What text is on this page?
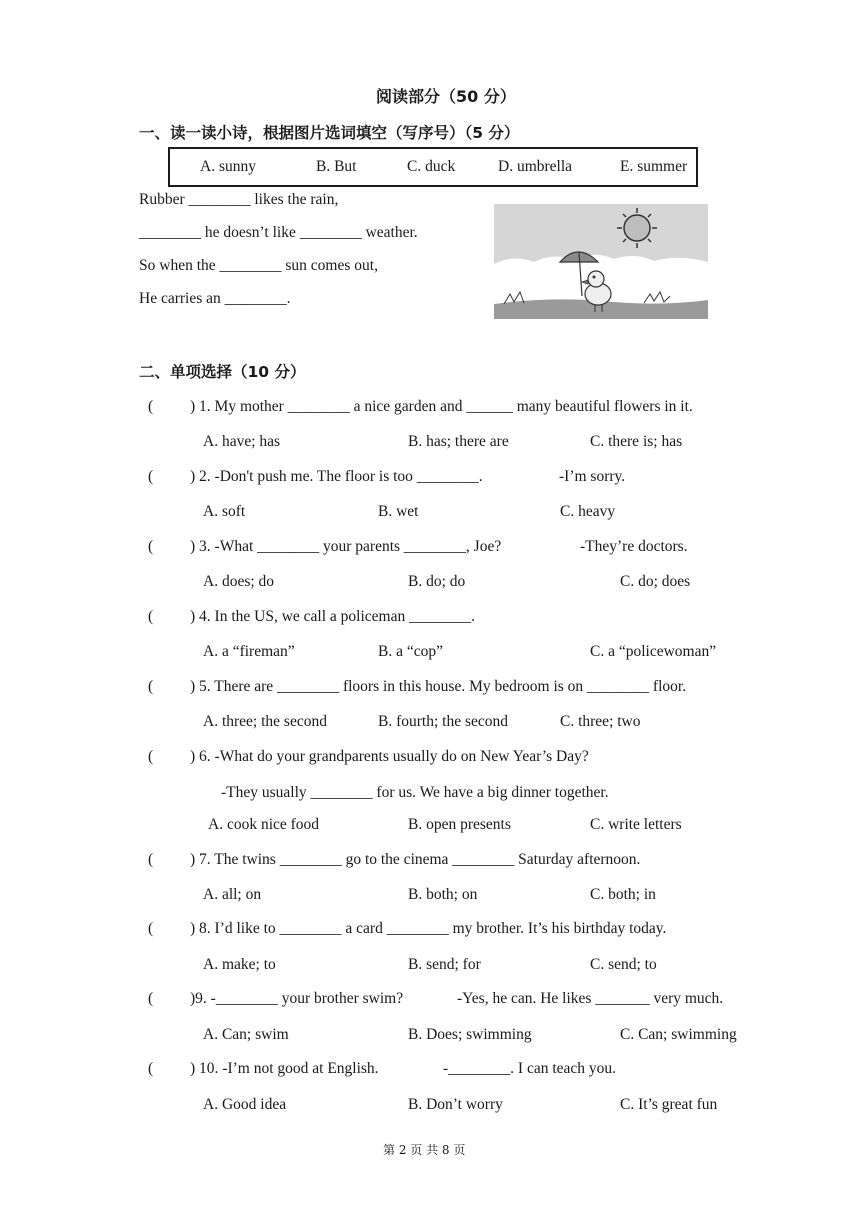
阅读部分（50 分）
一、读一读小诗，根据图片选词填空（写序号）（5 分）
A. sunny	B. But	C. duck	D. umbrella	E. summer
Rubber ________ likes the rain,
________ he doesn’t like ________ weather.
So when the ________ sun comes out,
He carries an ________.
二、单项选择（10 分）
( ) 1. My mother ________ a nice garden and ______ many beautiful flowers in it.
A. have; has	B. has; there are	C. there is; has
( ) 2. -Don't push me. The floor is too ________.	-I’m sorry.
A. soft	B. wet	C. heavy
( ) 3. -What ________ your parents ________, Joe?	-They’re doctors.
A. does; do	B. do; do	C. do; does
( ) 4. In the US, we call a policeman ________.
A. a “fireman”	B. a “cop”	C. a “policewoman”
( ) 5. There are ________ floors in this house. My bedroom is on ________ floor.
A. three; the second	B. fourth; the second	C. three; two
( ) 6. -What do your grandparents usually do on New Year’s Day?
-They usually ________ for us. We have a big dinner together.
A. cook nice food	B. open presents	C. write letters
( ) 7. The twins ________ go to the cinema ________ Saturday afternoon.
A. all; on	B. both; on	C. both; in
( ) 8. I’d like to ________ a card ________ my brother. It’s his birthday today.
A. make; to	B. send; for	C. send; to
( )9. -________ your brother swim?	-Yes, he can. He likes _______ very much.
A. Can; swim	B. Does; swimming	C. Can; swimming
( ) 10. -I’m not good at English.	-________. I can teach you.
A. Good idea	B. Don’t worry	C. It’s great fun
第 2 页 共 8 页
